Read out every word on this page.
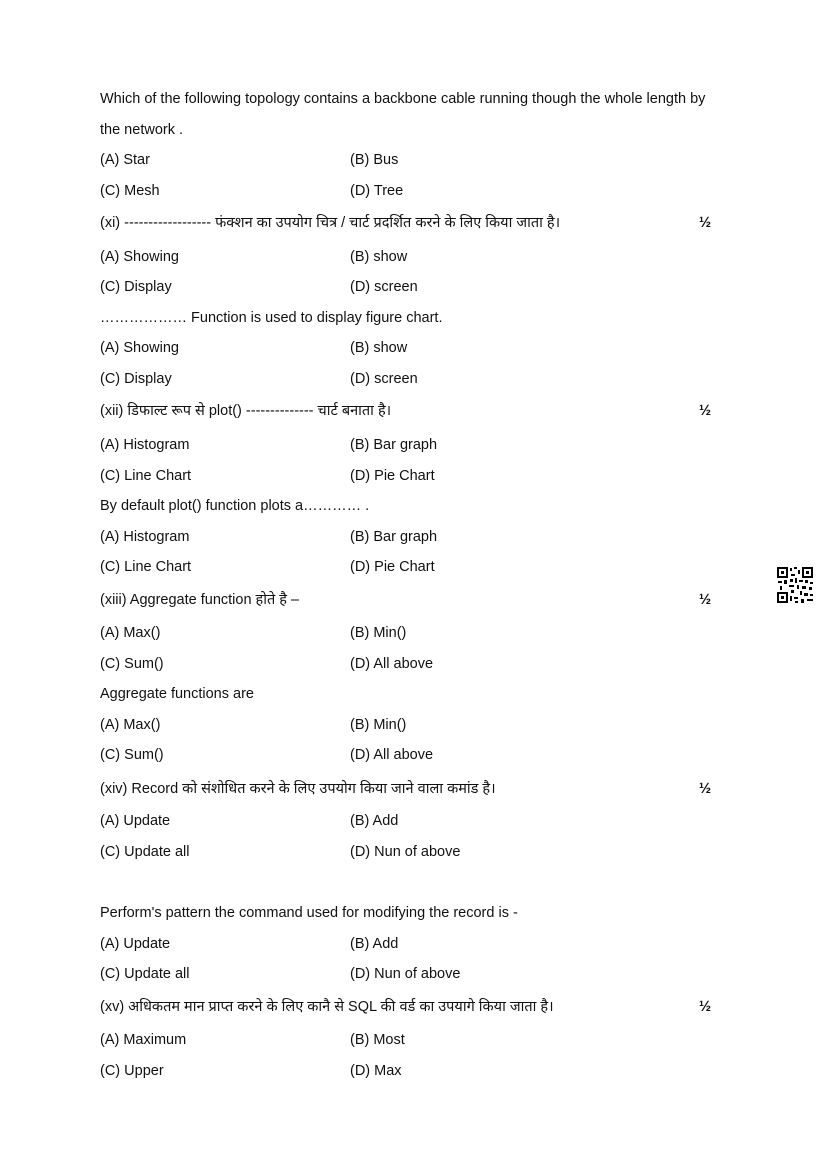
Which of the following topology contains a backbone cable running though the whole length by
the network .
(A) Star	(B) Bus
(C) Mesh	(D) Tree
(xi) ------------------ फंक्शन का उपयोग चित्र / चार्ट प्रदर्शित करने के लिए किया जाता है।	½
(A) Showing	(B) show
(C) Display	(D) screen
……………… Function is used to display figure chart.
(A) Showing	(B) show
(C) Display	(D) screen
(xii) डिफाल्ट रूप से plot() -------------- चार्ट बनाता है।	½
(A) Histogram	(B) Bar graph
(C) Line Chart	(D) Pie Chart
By default plot() function plots a………… .
(A) Histogram	(B) Bar graph
(C) Line Chart	(D) Pie Chart
(xiii) Aggregate function होते है –	½
(A) Max()	(B) Min()
(C) Sum()	(D) All above
Aggregate functions are
(A) Max()	(B) Min()
(C) Sum()	(D) All above
(xiv) Record को संशोधित करने के लिए उपयोग किया जाने वाला कमांड है।	½
(A) Update	(B) Add
(C) Update all	(D) Nun of above
Perform's pattern the command used for modifying the record is -
(A) Update	(B) Add
(C) Update all	(D) Nun of above
(xv) अधिकतम मान प्राप्त करने के लिए कानै से SQL की वर्ड का उपयागे किया जाता है।	½
(A) Maximum	(B) Most
(C) Upper	(D) Max
